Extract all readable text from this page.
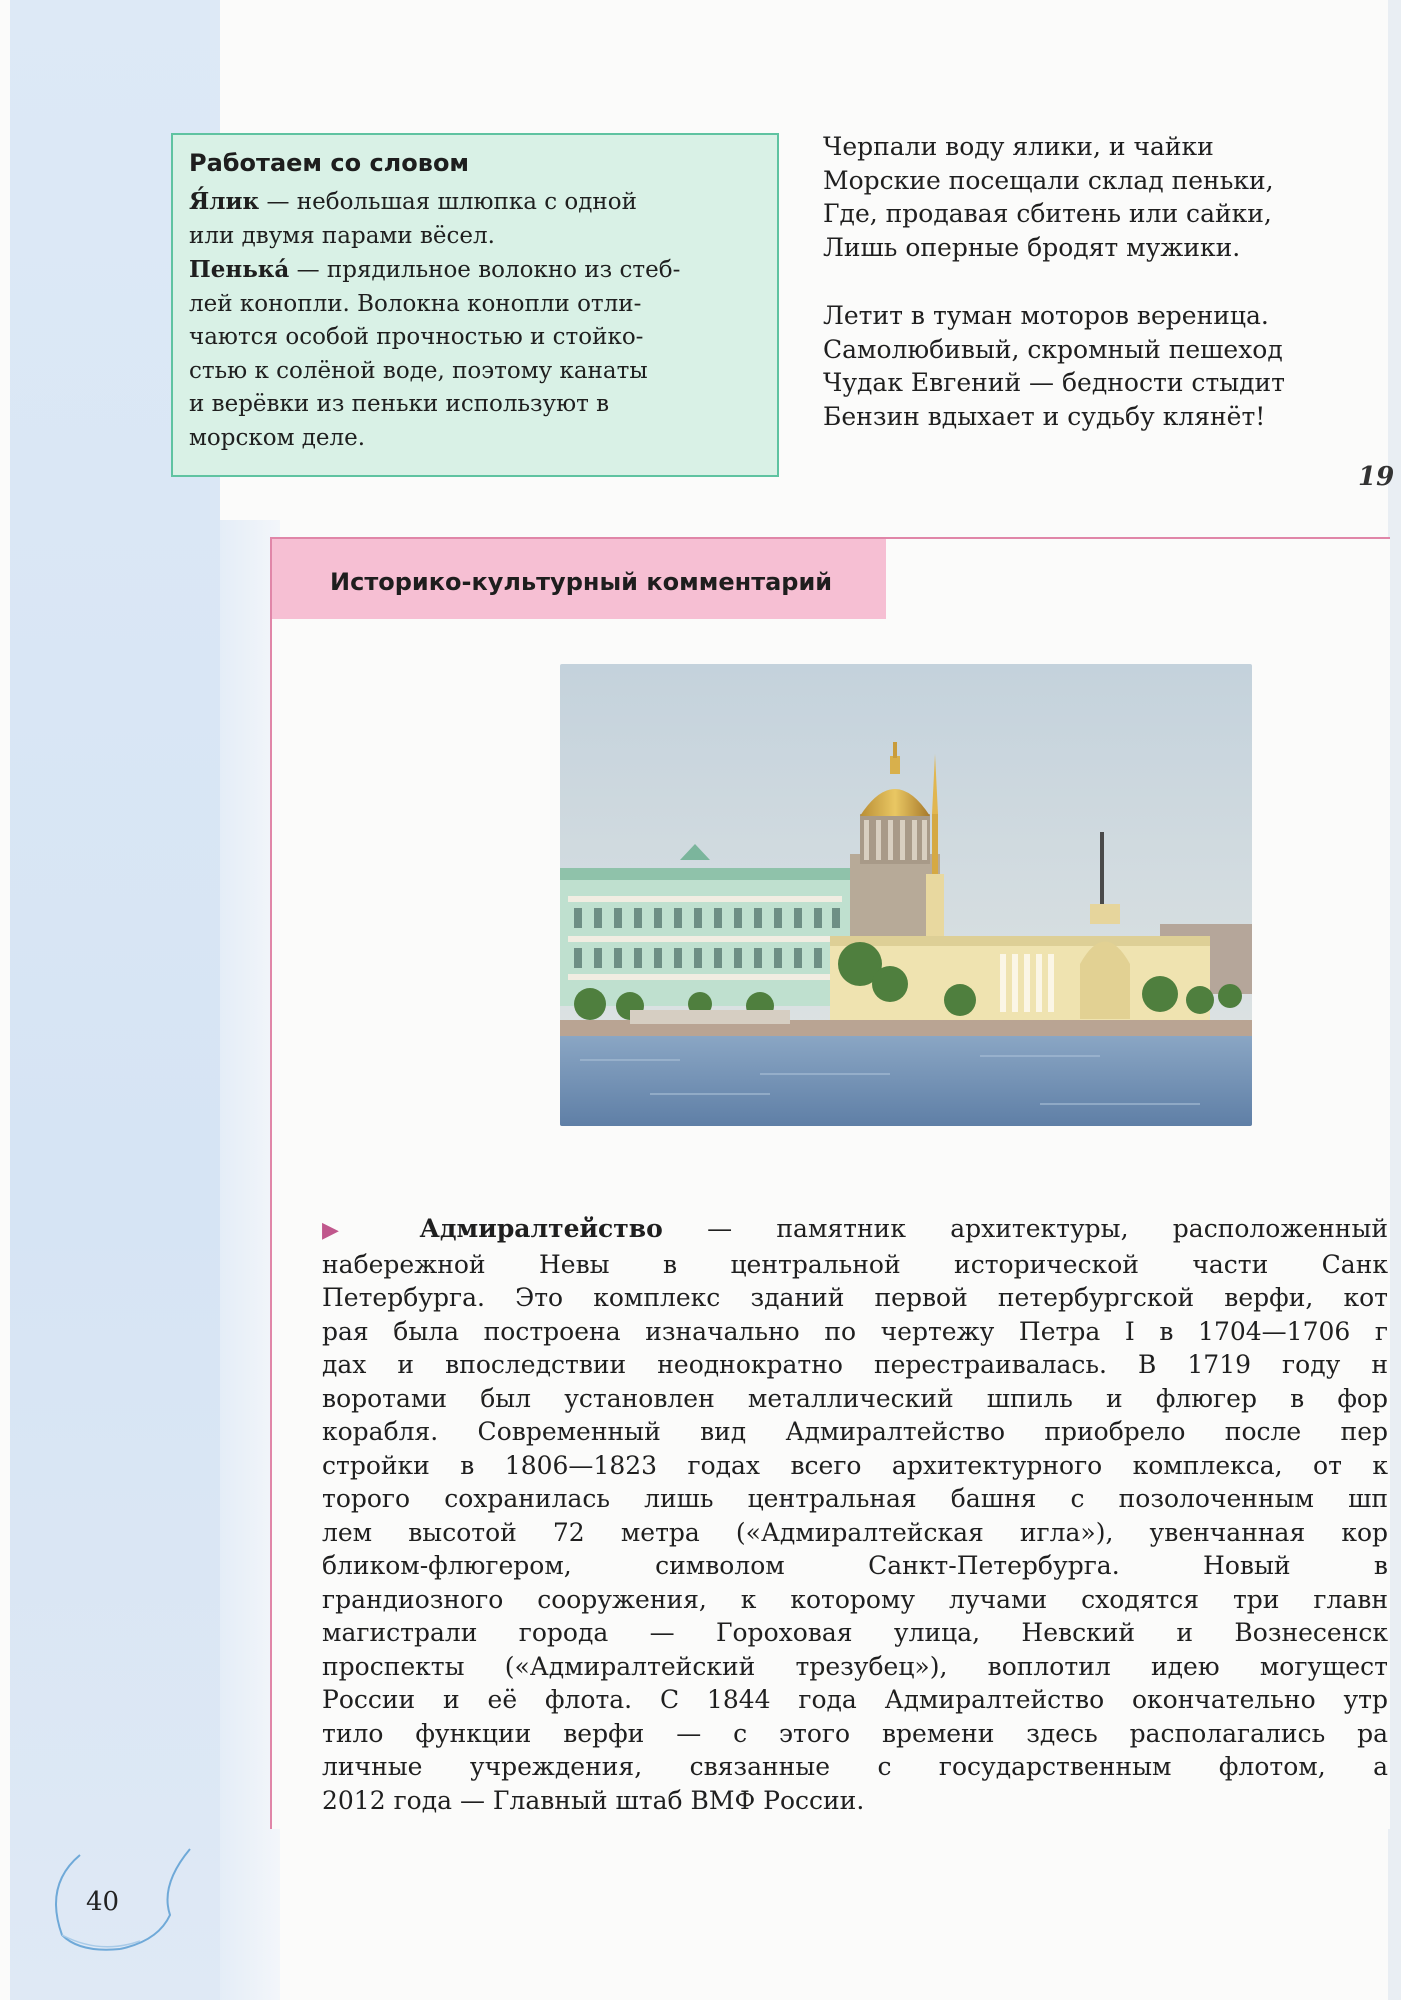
Работаем со словом

Я́лик — небольшая шлюпка с одной
или двумя парами вёсел.

Пенька́ — прядильное волокно из стеб-
лей конопли. Волокна конопли отли-
чаются особой прочностью и стойко-
стью к солёной воде, поэтому канаты
и верёвки из пеньки используют в
морском деле.

Черпали воду ялики, и чайки
Морские посещали склад пеньки,
Где, продавая сбитень или сайки,
Лишь оперные бродят мужики.
Летит в туман моторов вереница.
Самолюбивый, скромный пешеход
Чудак Евгений — бедности стыдит
Бензин вдыхает и судьбу клянёт!
19
Историко-культурный комментарий
▶ Адмиралтейство — памятник архитектуры, расположенный
набережной Невы в центральной исторической части Санк
Петербурга. Это комплекс зданий первой петербургской верфи, кот
рая была построена изначально по чертежу Петра I в 1704—1706 г
дах и впоследствии неоднократно перестраивалась. В 1719 году н
воротами был установлен металлический шпиль и флюгер в фор
корабля. Современный вид Адмиралтейство приобрело после пер
стройки в 1806—1823 годах всего архитектурного комплекса, от к
торого сохранилась лишь центральная башня с позолоченным шп
лем высотой 72 метра («Адмиралтейская игла»), увенчанная кор
бликом-флюгером, символом Санкт-Петербурга. Новый в
грандиозного сооружения, к которому лучами сходятся три главн
магистрали города — Гороховая улица, Невский и Вознесенск
проспекты («Адмиралтейский трезубец»), воплотил идею могущест
России и её флота. С 1844 года Адмиралтейство окончательно утр
тило функции верфи — с этого времени здесь располагались ра
личные учреждения, связанные с государственным флотом, а
2012 года — Главный штаб ВМФ России.
40
